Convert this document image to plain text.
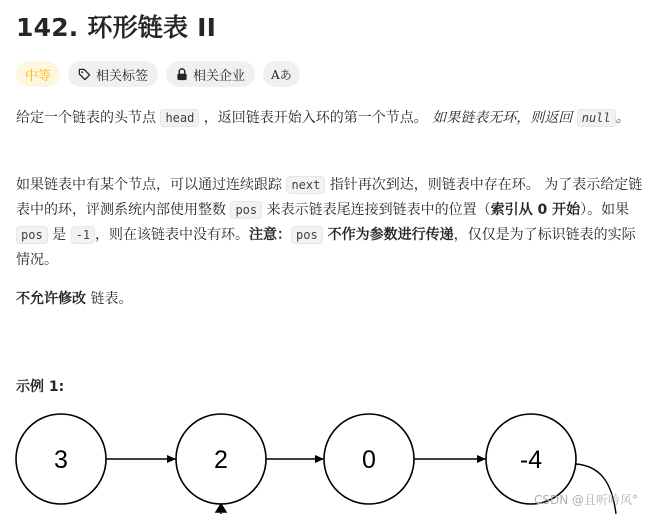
142. 环形链表 II
中等	相关标签	相关企业 Aあ
给定一个链表的头节点 head ，返回链表开始入环的第一个节点。 如果链表无环，则返回 null 。
如果链表中有某个节点，可以通过连续跟踪 next 指针再次到达，则链表中存在环。 为了表示给定链表中的环，评测系统内部使用整数 pos 来表示链表尾连接到链表中的位置（索引从 0 开始）。如果 pos 是 -1 ，则在该链表中没有环。注意： pos 不作为参数进行传递，仅仅是为了标识链表的实际情况。
不允许修改 链表。
示例 1:
3	2	0	-4
CSDN @且听吟风°
